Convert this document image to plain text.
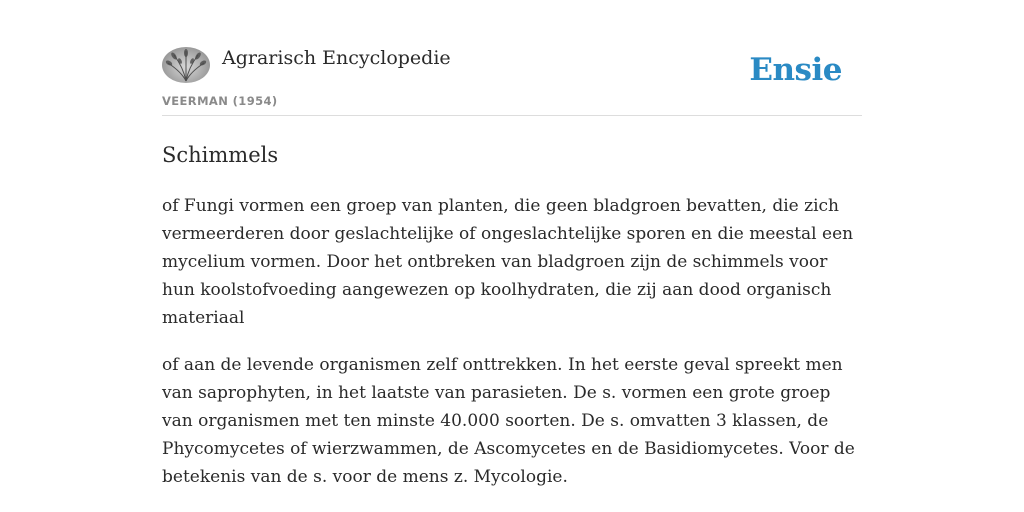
Agrarisch Encyclopedie
VEERMAN (1954)
Ensie
Schimmels

of Fungi vormen een groep van planten, die geen bladgroen bevatten, die zich vermeerderen door geslachtelijke of ongeslachtelijke sporen en die meestal een mycelium vormen. Door het ontbreken van bladgroen zijn de schimmels voor hun koolstofvoeding aangewezen op koolhydraten, die zij aan dood organisch materiaal

of aan de levende organismen zelf onttrekken. In het eerste geval spreekt men van saprophyten, in het laatste van parasieten. De s. vormen een grote groep van organismen met ten minste 40.000 soorten. De s. omvatten 3 klassen, de Phycomycetes of wierzwammen, de Ascomycetes en de Basidiomycetes. Voor de betekenis van de s. voor de mens z. Mycologie.
